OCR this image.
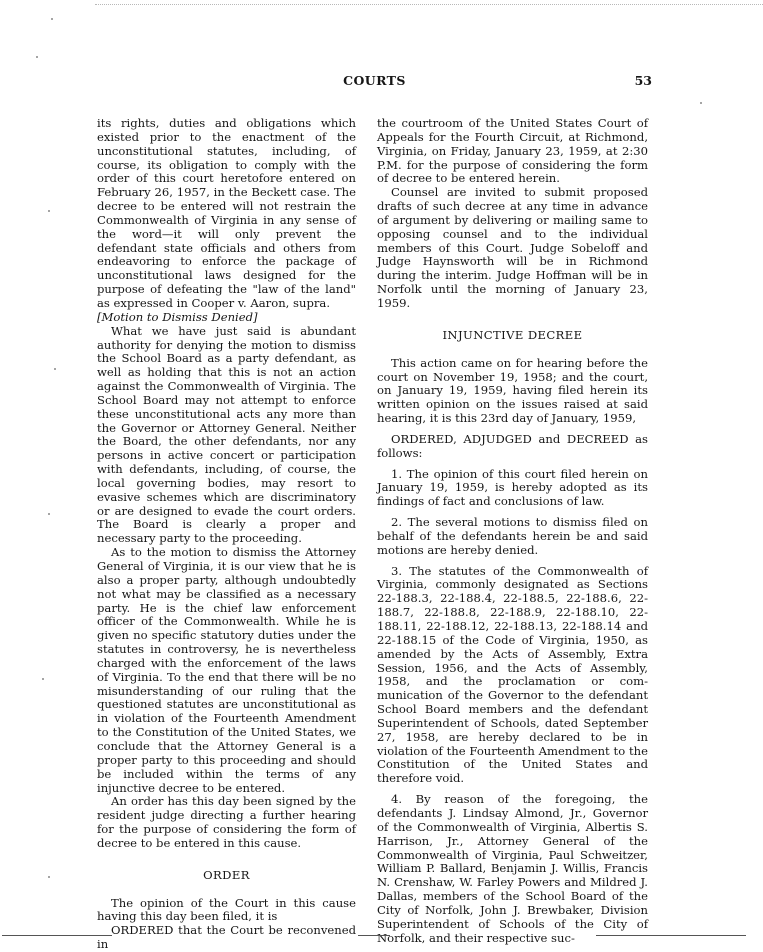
COURTS	53

its rights, duties and obligations which existed prior to the enactment of the unconstitutional statutes, including, of course, its obligation to comply with the order of this court heretofore entered on February 26, 1957, in the Beckett case. The decree to be entered will not restrain the Commonwealth of Virginia in any sense of the word—it will only prevent the defendant state officials and others from endeavoring to enforce the package of unconstitutional laws designed for the purpose of defeating the "law of the land" as expressed in Cooper v. Aaron, supra.

[Motion to Dismiss Denied]

What we have just said is abundant authority for denying the motion to dismiss the School Board as a party defendant, as well as holding that this is not an action against the Commonwealth of Virginia. The School Board may not attempt to enforce these unconstitutional acts any more than the Governor or Attorney General. Neither the Board, the other defendants, nor any persons in active concert or participation with defendants, including, of course, the local governing bodies, may resort to evasive schemes which are discriminatory or are designed to evade the court orders. The Board is clearly a proper and necessary party to the proceeding.

As to the motion to dismiss the Attorney General of Virginia, it is our view that he is also a proper party, although undoubtedly not what may be classified as a necessary party. He is the chief law enforcement officer of the Commonwealth. While he is given no specific statutory duties under the statutes in controversy, he is nevertheless charged with the enforcement of the laws of Virginia. To the end that there will be no misunderstanding of our ruling that the questioned statutes are unconstitutional as in violation of the Fourteenth Amendment to the Constitution of the United States, we conclude that the Attorney General is a proper party to this proceeding and should be included within the terms of any injunctive decree to be entered.

An order has this day been signed by the resident judge directing a further hearing for the purpose of considering the form of decree to be entered in this cause.

ORDER

The opinion of the Court in this cause having this day been filed, it is

ORDERED that the Court be reconvened in

the courtroom of the United States Court of Appeals for the Fourth Circuit, at Richmond, Virginia, on Friday, January 23, 1959, at 2:30 P.M. for the purpose of considering the form of decree to be entered herein.

Counsel are invited to submit proposed drafts of such decree at any time in advance of argument by delivering or mailing same to opposing counsel and to the individual members of this Court. Judge Sobeloff and Judge Haynsworth will be in Richmond during the interim. Judge Hoffman will be in Norfolk until the morning of January 23, 1959.

INJUNCTIVE DECREE

This action came on for hearing before the court on November 19, 1958; and the court, on January 19, 1959, having filed herein its written opinion on the issues raised at said hearing, it is this 23rd day of January, 1959,

ORDERED, ADJUDGED and DECREED as follows:

1. The opinion of this court filed herein on January 19, 1959, is hereby adopted as its findings of fact and conclusions of law.

2. The several motions to dismiss filed on behalf of the defendants herein be and said motions are hereby denied.

3. The statutes of the Commonwealth of Virginia, commonly designated as Sections 22-188.3, 22-188.4, 22-188.5, 22-188.6, 22-188.7, 22-188.8, 22-188.9, 22-188.10, 22-188.11, 22-188.12, 22-188.13, 22-188.14 and 22-188.15 of the Code of Virginia, 1950, as amended by the Acts of Assembly, Extra Session, 1956, and the Acts of Assembly, 1958, and the proclamation or communication of the Governor to the defendant School Board members and the defendant Superintendent of Schools, dated September 27, 1958, are hereby declared to be in violation of the Fourteenth Amendment to the Constitution of the United States and therefore void.

4. By reason of the foregoing, the defendants J. Lindsay Almond, Jr., Governor of the Commonwealth of Virginia, Albertis S. Harrison, Jr., Attorney General of the Commonwealth of Virginia, Paul Schweitzer, William P. Ballard, Benjamin J. Willis, Francis N. Crenshaw, W. Farley Powers and Mildred J. Dallas, members of the School Board of the City of Norfolk, John J. Brewbaker, Division Superintendent of Schools of the City of Norfolk, and their respective suc-
